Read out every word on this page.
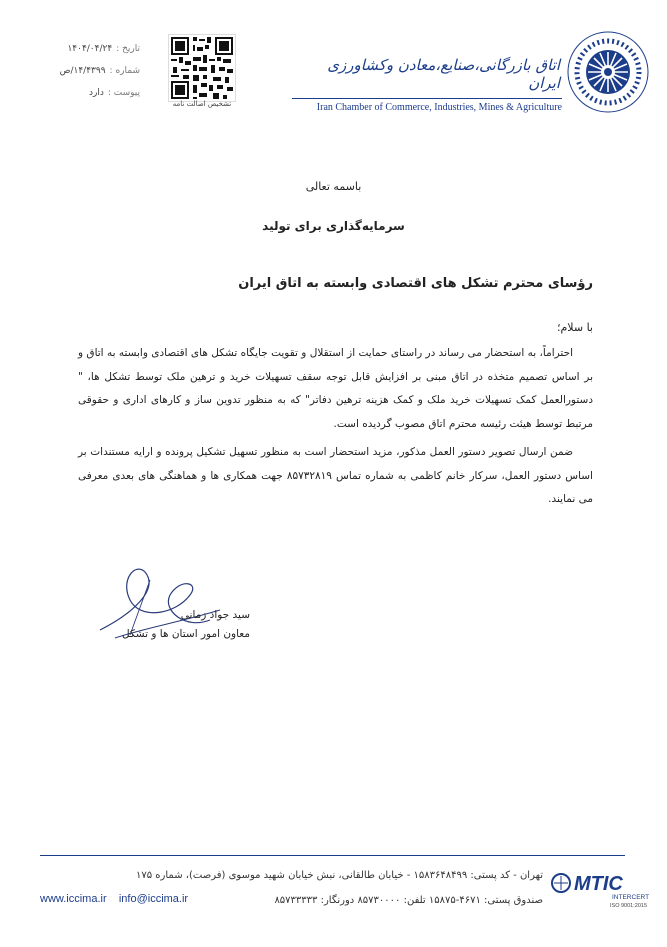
تاریخ :
۱۴۰۴/۰۴/۲۴
شماره :
۱۴/۴۳۹۹/ص
پیوست :
دارد
تشخیص اصالت نامه
اتاق بازرگانی،صنایع،معادن وکشاورزی ایران
Iran Chamber of Commerce, Industries, Mines & Agriculture
باسمه تعالی
سرمایه‌گذاری برای تولید
رؤسای محترم تشکل های اقتصادی وابسته به اتاق ایران
با سلام؛
احتراماً، به استحضار می رساند در راستای حمایت از استقلال و تقویت جایگاه تشکل های اقتصادی وابسته به اتاق و بر اساس تصمیم متخذه در اتاق مبنی بر افزایش قابل توجه سقف تسهیلات خرید و ترهین ملک توسط تشکل ها، " دستورالعمل کمک تسهیلات خرید ملک و کمک هزینه ترهین دفاتر" که به منظور تدوین ساز و کارهای اداری و حقوقی مرتبط توسط هیئت رئیسه محترم اتاق مصوب گردیده است.
ضمن ارسال تصویر دستور العمل مذکور، مزید استحضار است به منظور تسهیل تشکیل پرونده و ارایه مستندات بر اساس دستور العمل، سرکار خانم کاظمی به شماره تماس ۸۵۷۳۲۸۱۹ جهت همکاری ها و هماهنگی های بعدی معرفی می نمایند.
سید جواد زمانی
معاون امور استان ها و تشکل
تهران - کد پستی: ۱۵۸۳۶۴۸۴۹۹ - خیابان طالقانی، نبش خیابان شهید موسوی (فرصت)، شماره ۱۷۵
صندوق پستی: ۴۶۷۱-۱۵۸۷۵ تلفن: ۸۵۷۳۰۰۰۰ دورنگار: ۸۵۷۳۳۳۳۳
www.iccima.ir info@iccima.ir
MTIC
INTERCERT
ISO 9001:2015
